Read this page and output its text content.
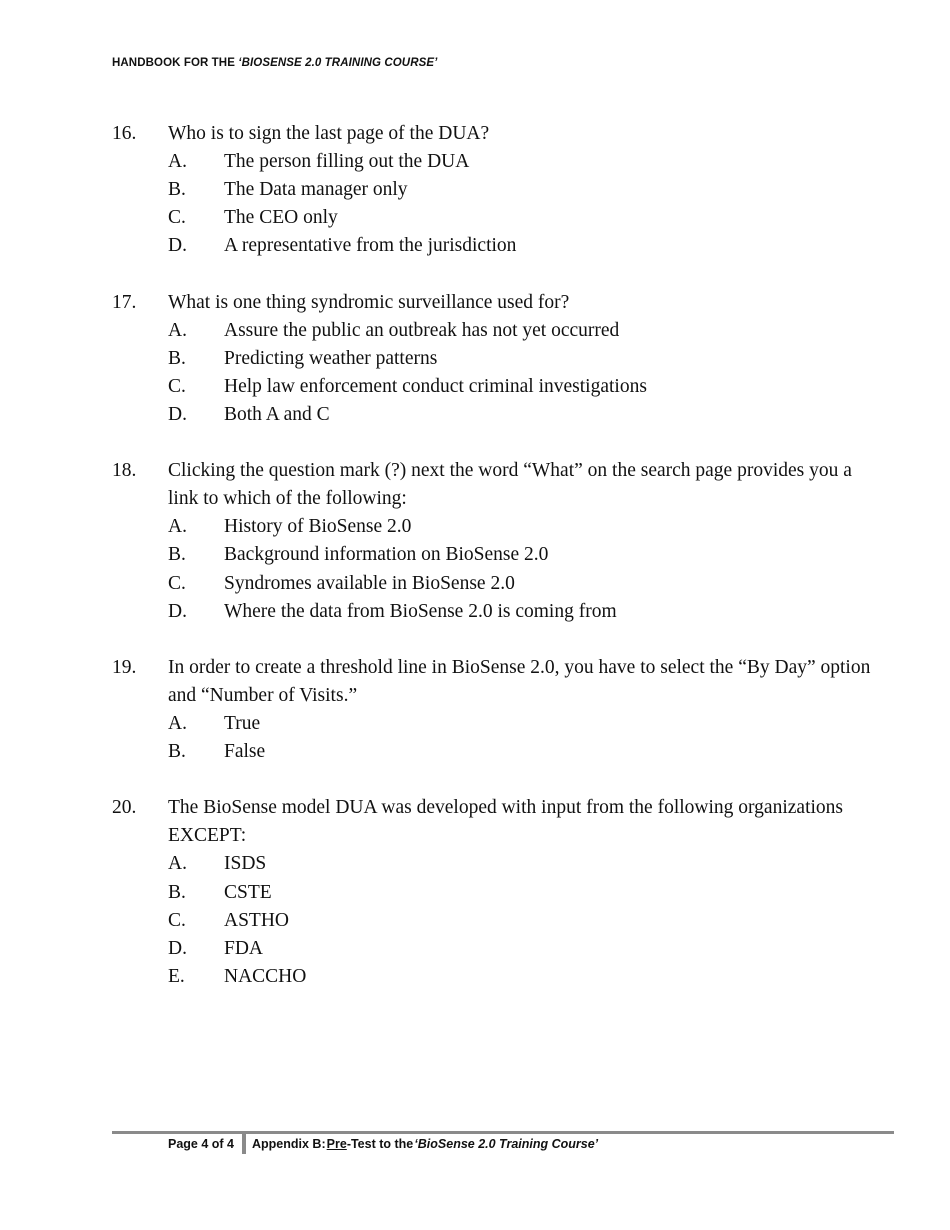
HANDBOOK FOR THE ‘BIOSENSE 2.0 TRAINING COURSE’
16. Who is to sign the last page of the DUA?
A. The person filling out the DUA
B. The Data manager only
C. The CEO only
D. A representative from the jurisdiction
17. What is one thing syndromic surveillance used for?
A. Assure the public an outbreak has not yet occurred
B. Predicting weather patterns
C. Help law enforcement conduct criminal investigations
D. Both A and C
18. Clicking the question mark (?) next the word “What” on the search page provides you a link to which of the following:
A. History of BioSense 2.0
B. Background information on BioSense 2.0
C. Syndromes available in BioSense 2.0
D. Where the data from BioSense 2.0 is coming from
19. In order to create a threshold line in BioSense 2.0, you have to select the “By Day” option and “Number of Visits.”
A. True
B. False
20. The BioSense model DUA was developed with input from the following organizations EXCEPT:
A. ISDS
B. CSTE
C. ASTHO
D. FDA
E. NACCHO
Page 4 of 4 Appendix B:
  Pre -Test to the
  ‘BioSense 2.0 Training Course’
